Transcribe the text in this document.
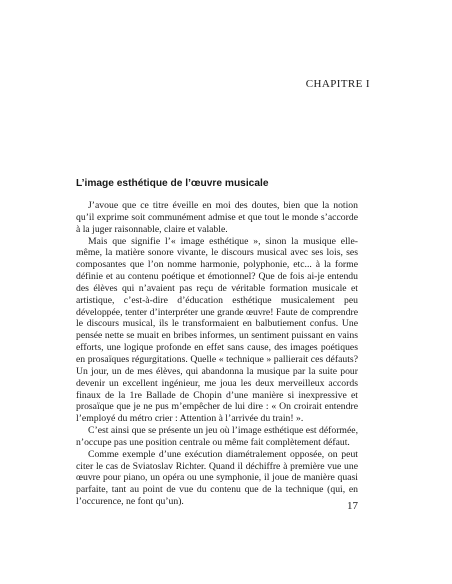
CHAPITRE I
L’image esthétique de l’œuvre musicale

J’avoue que ce titre éveille en moi des doutes, bien que la notion qu’il exprime soit communément admise et que tout le monde s’accorde à la juger raisonnable, claire et valable.

Mais que signifie l’« image esthétique », sinon la musique elle-même, la matière sonore vivante, le discours musical avec ses lois, ses composantes que l’on nomme harmonie, polyphonie, etc... à la forme définie et au contenu poétique et émotionnel? Que de fois ai-je entendu des élèves qui n’avaient pas reçu de véritable formation musicale et artistique, c’est-à-dire d’éducation esthétique musicalement peu développée, tenter d’interpréter une grande œuvre! Faute de comprendre le discours musical, ils le transformaient en balbutiement confus. Une pensée nette se muait en bribes informes, un sentiment puissant en vains efforts, une logique profonde en effet sans cause, des images poétiques en prosaïques régurgitations. Quelle « technique » pallierait ces défauts? Un jour, un de mes élèves, qui abandonna la musique par la suite pour devenir un excellent ingénieur, me joua les deux merveilleux accords finaux de la 1re Ballade de Chopin d’une manière si inexpressive et prosaïque que je ne pus m’empêcher de lui dire : « On croirait entendre l’employé du métro crier : Attention à l’arrivée du train! ».

C’est ainsi que se présente un jeu où l’image esthétique est déformée, n’occupe pas une position centrale ou même fait complètement défaut.

Comme exemple d’une exécution diamétralement opposée, on peut citer le cas de Sviatoslav Richter. Quand il déchiffre à première vue une œuvre pour piano, un opéra ou une symphonie, il joue de manière quasi parfaite, tant au point de vue du contenu que de la technique (qui, en l’occurence, ne font qu’un).	17
